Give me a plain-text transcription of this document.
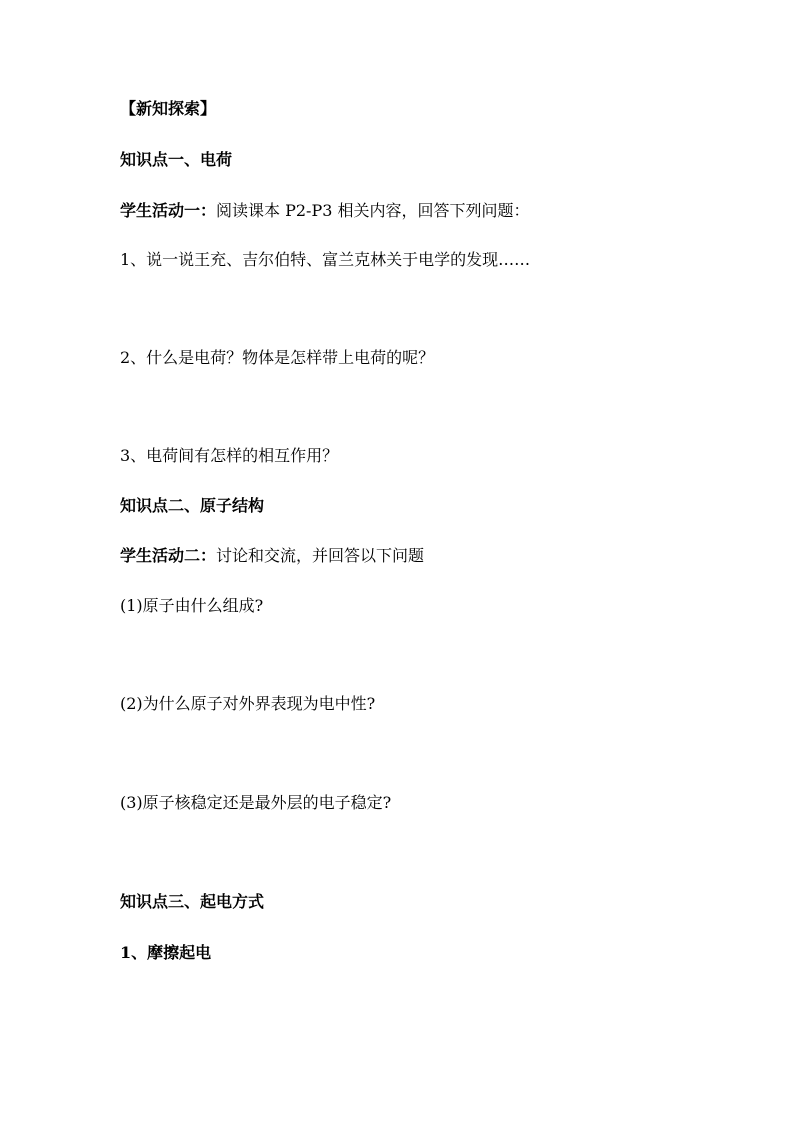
【新知探索】
知识点一、电荷
学生活动一：阅读课本 P2-P3 相关内容，回答下列问题：
1、说一说王充、吉尔伯特、富兰克林关于电学的发现……
2、什么是电荷？物体是怎样带上电荷的呢？
3、电荷间有怎样的相互作用？
知识点二、原子结构
学生活动二：讨论和交流，并回答以下问题
(1)原子由什么组成?
(2)为什么原子对外界表现为电中性?
(3)原子核稳定还是最外层的电子稳定?
知识点三、起电方式
1、摩擦起电
